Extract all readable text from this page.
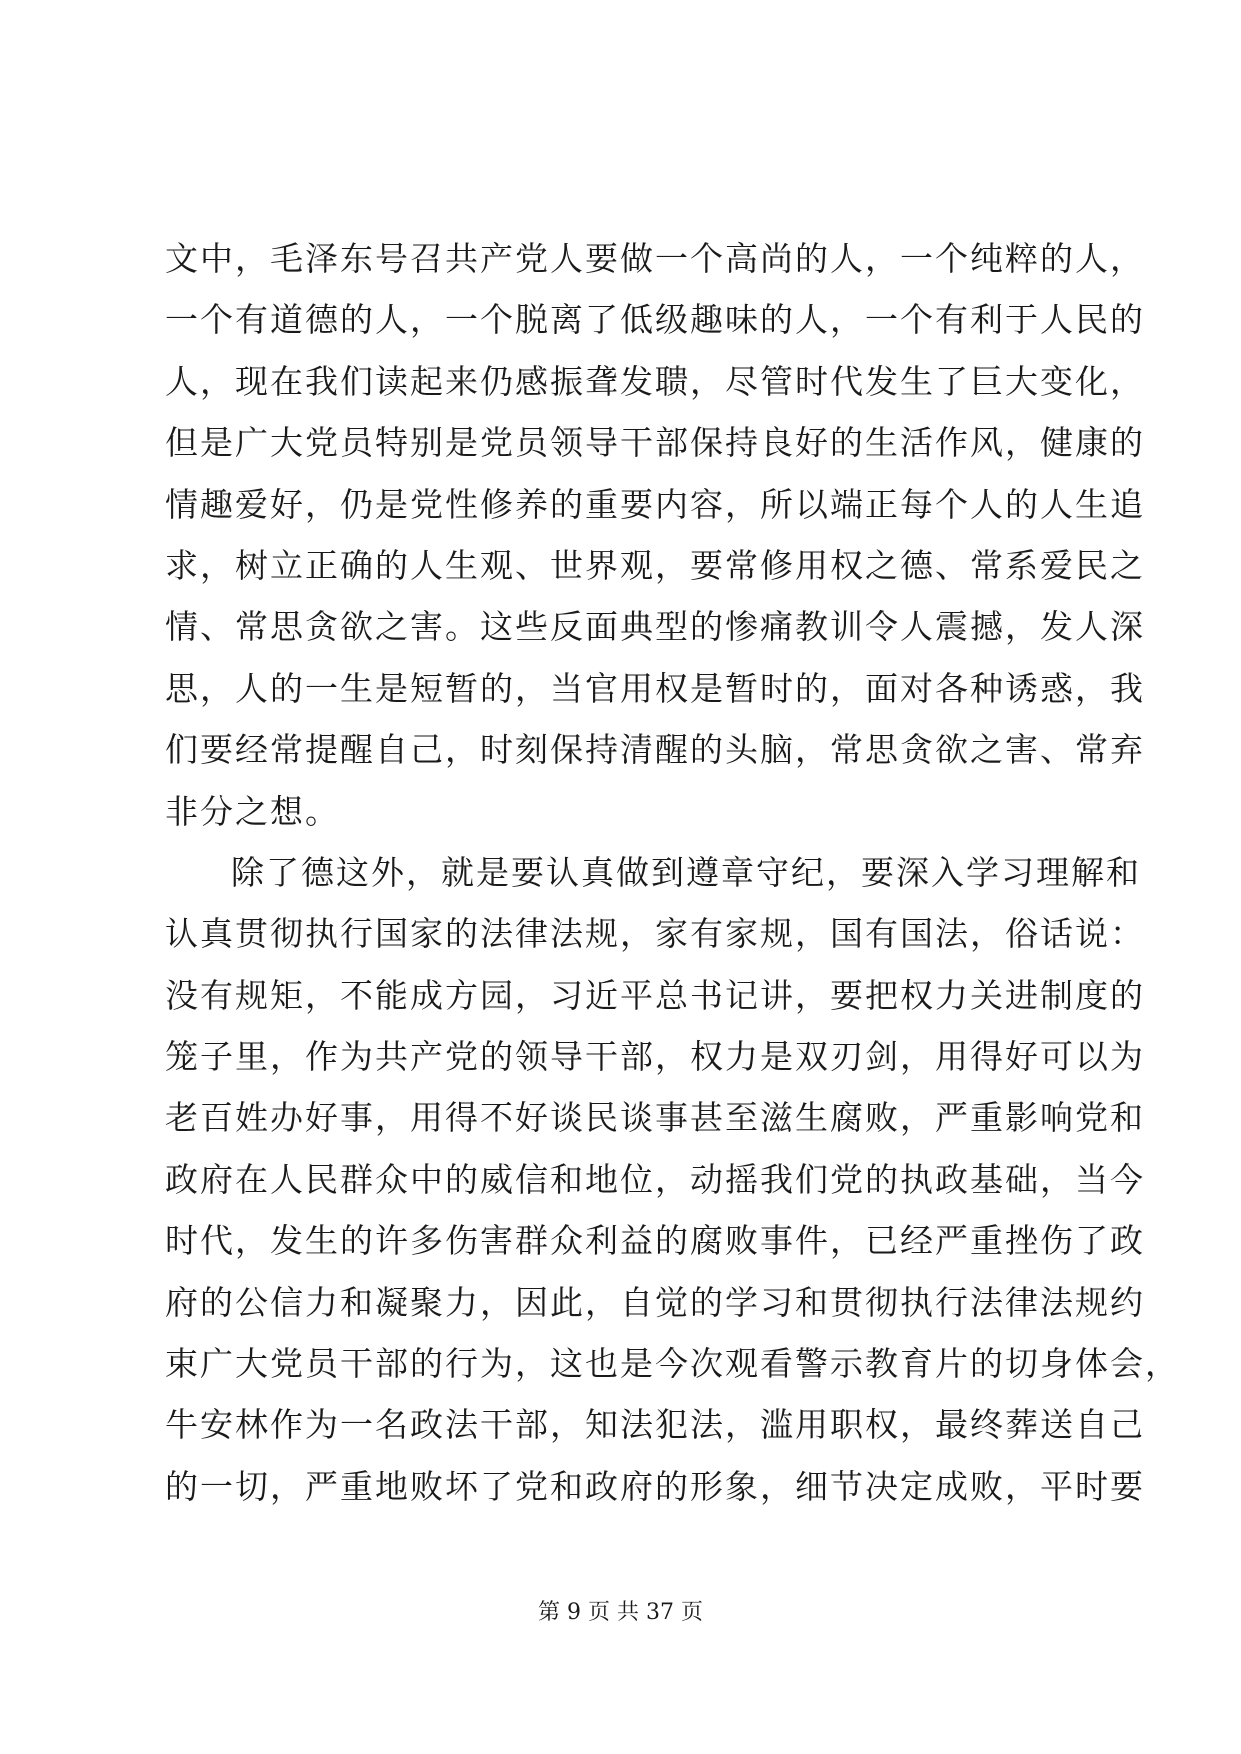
文中，毛泽东号召共产党人要做一个高尚的人，一个纯粹的人，
一个有道德的人，一个脱离了低级趣味的人，一个有利于人民的
人，现在我们读起来仍感振聋发聩，尽管时代发生了巨大变化，
但是广大党员特别是党员领导干部保持良好的生活作风，健康的
情趣爱好，仍是党性修养的重要内容，所以端正每个人的人生追
求，树立正确的人生观、世界观，要常修用权之德、常系爱民之
情、常思贪欲之害。这些反面典型的惨痛教训令人震撼，发人深
思，人的一生是短暂的，当官用权是暂时的，面对各种诱惑，我
们要经常提醒自己，时刻保持清醒的头脑，常思贪欲之害、常弃
非分之想。
除了德这外，就是要认真做到遵章守纪，要深入学习理解和
认真贯彻执行国家的法律法规，家有家规，国有国法，俗话说：
没有规矩，不能成方园，习近平总书记讲，要把权力关进制度的
笼子里，作为共产党的领导干部，权力是双刃剑，用得好可以为
老百姓办好事，用得不好谈民谈事甚至滋生腐败，严重影响党和
政府在人民群众中的威信和地位，动摇我们党的执政基础，当今
时代，发生的许多伤害群众利益的腐败事件，已经严重挫伤了政
府的公信力和凝聚力，因此，自觉的学习和贯彻执行法律法规约
束广大党员干部的行为，这也是今次观看警示教育片的切身体会，
牛安林作为一名政法干部，知法犯法，滥用职权，最终葬送自己
的一切，严重地败坏了党和政府的形象，细节决定成败，平时要
第 9 页 共 37 页
